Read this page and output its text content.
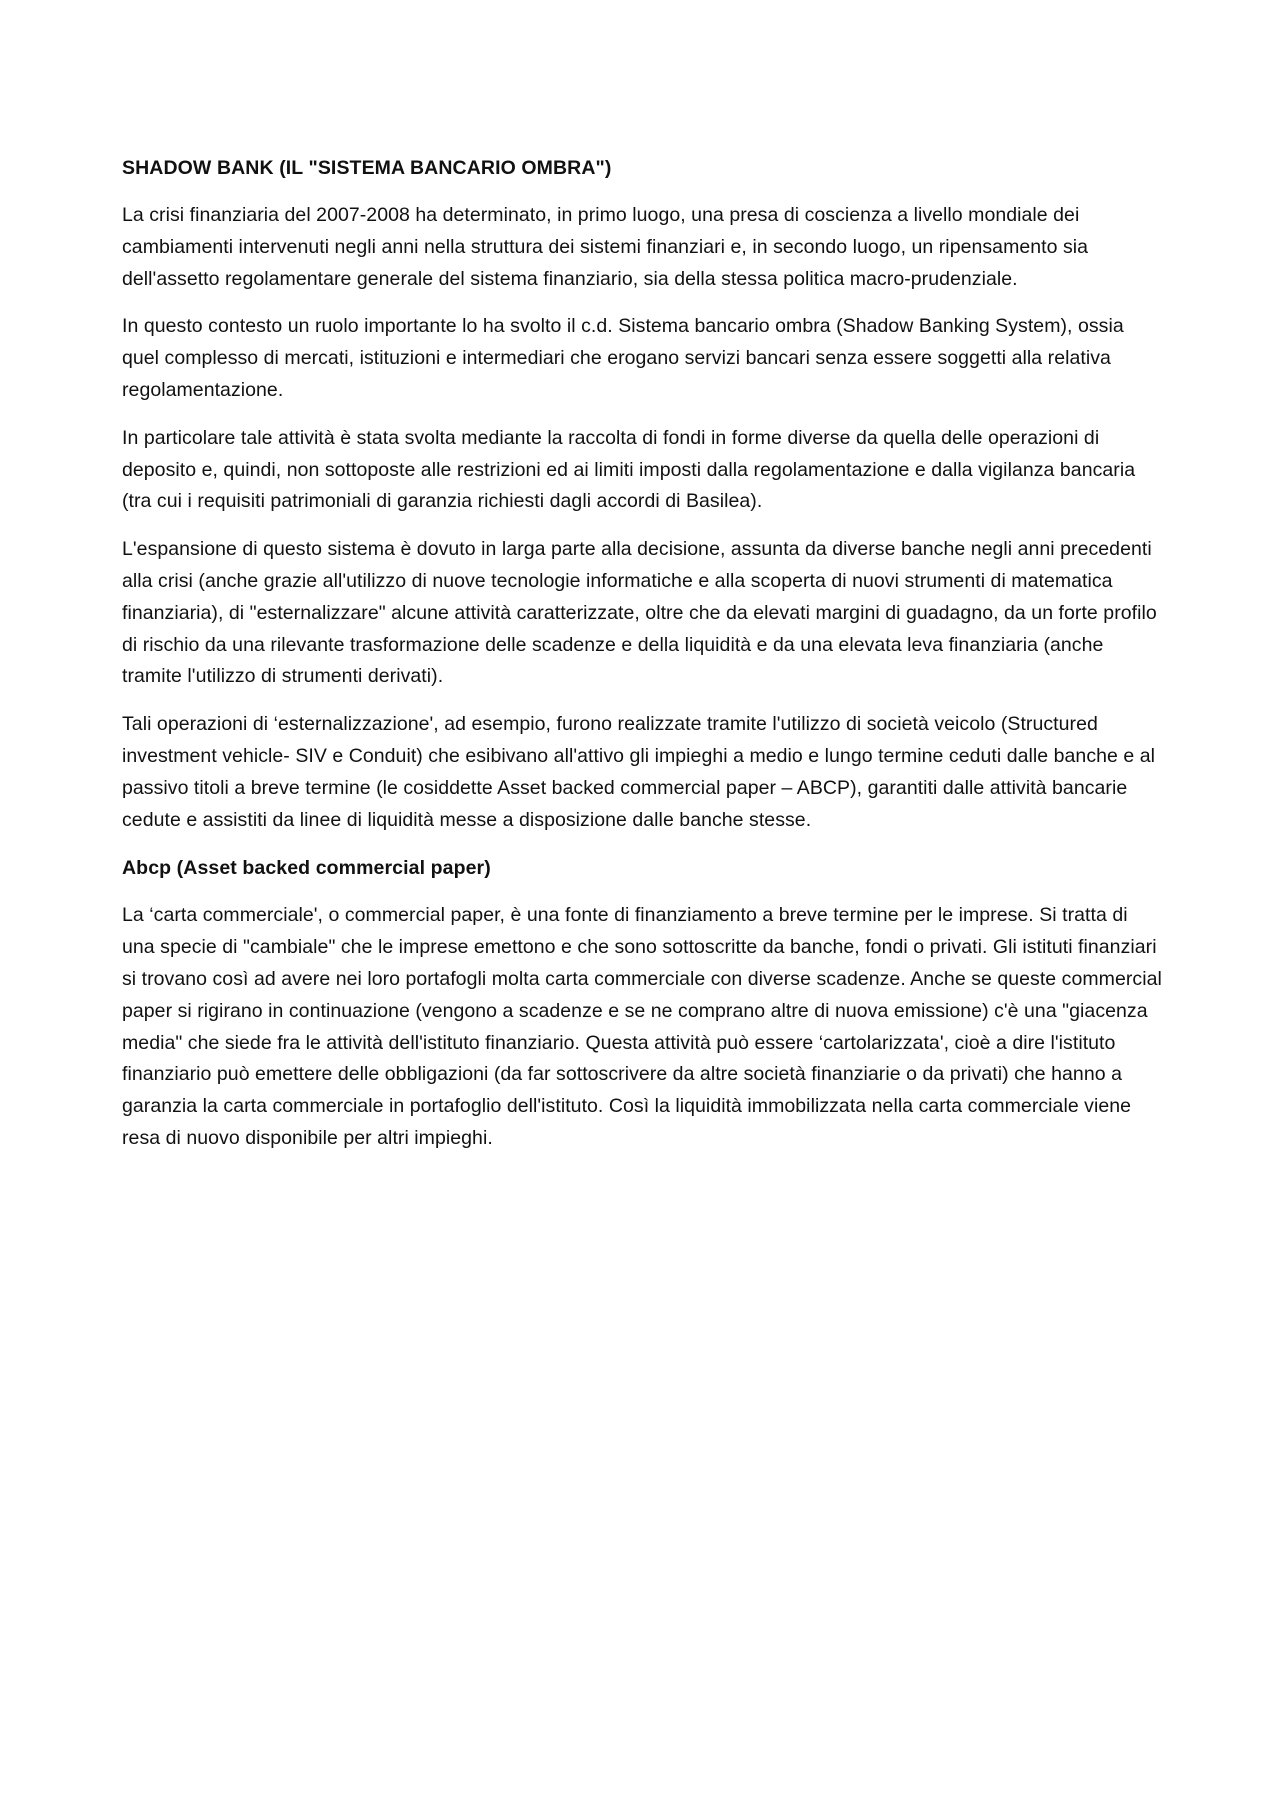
SHADOW BANK (IL "SISTEMA BANCARIO OMBRA")

La crisi finanziaria del 2007-2008 ha determinato, in primo luogo, una presa di coscienza a livello mondiale dei cambiamenti intervenuti negli anni nella struttura dei sistemi finanziari e, in secondo luogo, un ripensamento sia dell'assetto regolamentare generale del sistema finanziario, sia della stessa politica macro-prudenziale.

In questo contesto un ruolo importante lo ha svolto il c.d. Sistema bancario ombra (Shadow Banking System), ossia quel complesso di mercati, istituzioni e intermediari che erogano servizi bancari senza essere soggetti alla relativa regolamentazione.

In particolare tale attività è stata svolta mediante la raccolta di fondi in forme diverse da quella delle operazioni di deposito e, quindi, non sottoposte alle restrizioni ed ai limiti imposti dalla regolamentazione e dalla vigilanza bancaria (tra cui i requisiti patrimoniali di garanzia richiesti dagli accordi di Basilea).

L'espansione di questo sistema è dovuto in larga parte alla decisione, assunta da diverse banche negli anni precedenti alla crisi (anche grazie all'utilizzo di nuove tecnologie informatiche e alla scoperta di nuovi strumenti di matematica finanziaria), di "esternalizzare" alcune attività caratterizzate, oltre che da elevati margini di guadagno, da un forte profilo di rischio da una rilevante trasformazione delle scadenze e della liquidità e da una elevata leva finanziaria (anche tramite l'utilizzo di strumenti derivati).

Tali operazioni di ‘esternalizzazione', ad esempio, furono realizzate tramite l'utilizzo di società veicolo (Structured investment vehicle- SIV e Conduit) che esibivano all'attivo gli impieghi a medio e lungo termine ceduti dalle banche e al passivo titoli a breve termine (le cosiddette Asset backed commercial paper – ABCP), garantiti dalle attività bancarie cedute e assistiti da linee di liquidità messe a disposizione dalle banche stesse.

Abcp (Asset backed commercial paper)

La ‘carta commerciale', o commercial paper, è una fonte di finanziamento a breve termine per le imprese. Si tratta di una specie di "cambiale" che le imprese emettono e che sono sottoscritte da banche, fondi o privati. Gli istituti finanziari si trovano così ad avere nei loro portafogli molta carta commerciale con diverse scadenze. Anche se queste commercial paper si rigirano in continuazione (vengono a scadenze e se ne comprano altre di nuova emissione) c'è una "giacenza media" che siede fra le attività dell'istituto finanziario. Questa attività può essere ‘cartolarizzata', cioè a dire l'istituto finanziario può emettere delle obbligazioni (da far sottoscrivere da altre società finanziarie o da privati) che hanno a garanzia la carta commerciale in portafoglio dell'istituto. Così la liquidità immobilizzata nella carta commerciale viene resa di nuovo disponibile per altri impieghi.
